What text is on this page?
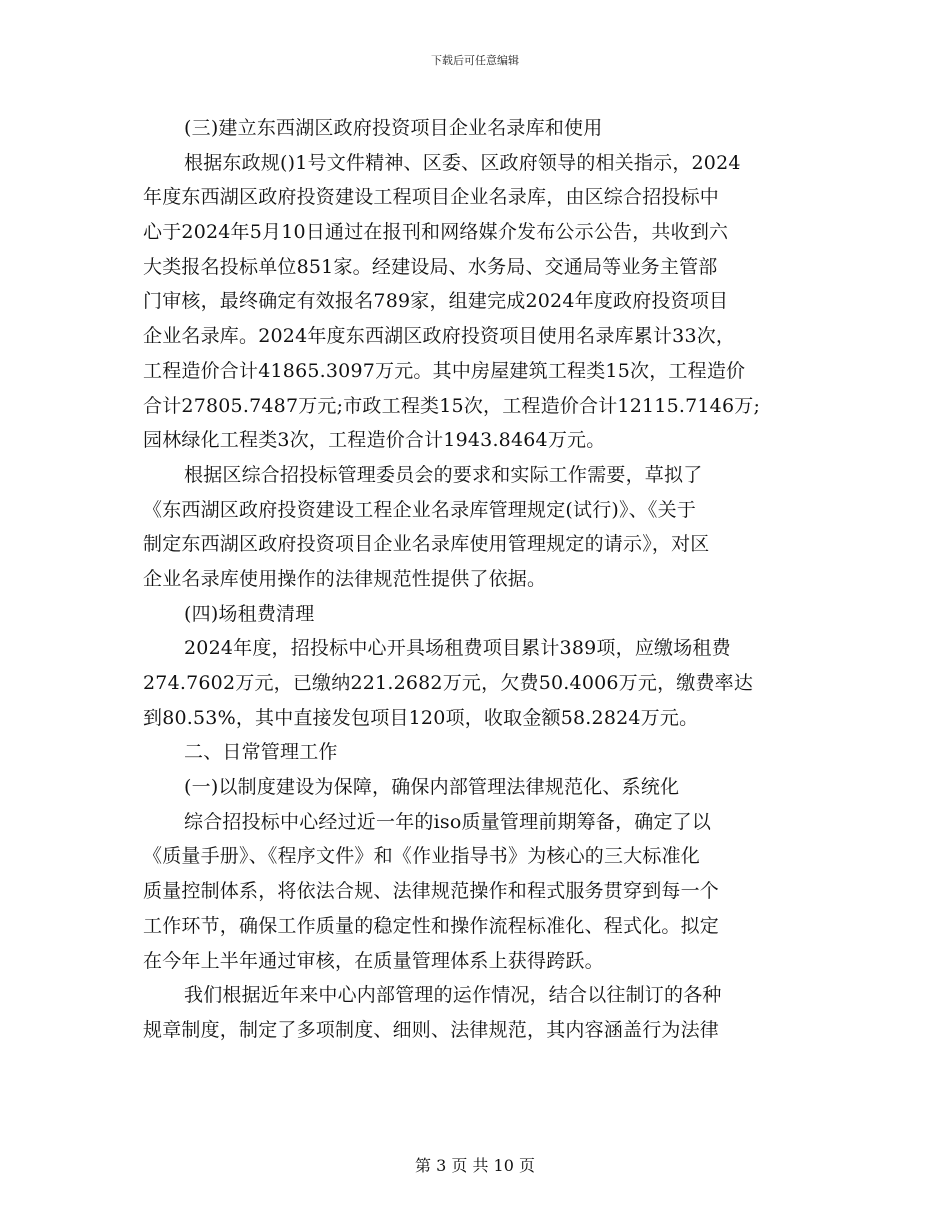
下载后可任意编辑
(三)建立东西湖区政府投资项目企业名录库和使用
根据东政规()1号文件精神、区委、区政府领导的相关指示，2024
年度东西湖区政府投资建设工程项目企业名录库，由区综合招投标中
心于2024年5月10日通过在报刊和网络媒介发布公示公告，共收到六
大类报名投标单位851家。经建设局、水务局、交通局等业务主管部
门审核，最终确定有效报名789家，组建完成2024年度政府投资项目
企业名录库。2024年度东西湖区政府投资项目使用名录库累计33次，
工程造价合计41865.3097万元。其中房屋建筑工程类15次，工程造价
合计27805.7487万元;市政工程类15次，工程造价合计12115.7146万;
园林绿化工程类3次，工程造价合计1943.8464万元。
根据区综合招投标管理委员会的要求和实际工作需要，草拟了
《东西湖区政府投资建设工程企业名录库管理规定(试行)》、《关于
制定东西湖区政府投资项目企业名录库使用管理规定的请示》，对区
企业名录库使用操作的法律规范性提供了依据。
(四)场租费清理
2024年度，招投标中心开具场租费项目累计389项，应缴场租费
274.7602万元，已缴纳221.2682万元，欠费50.4006万元，缴费率达
到80.53%，其中直接发包项目120项，收取金额58.2824万元。
二、日常管理工作
(一)以制度建设为保障，确保内部管理法律规范化、系统化
综合招投标中心经过近一年的iso质量管理前期筹备，确定了以
《质量手册》、《程序文件》和《作业指导书》为核心的三大标准化
质量控制体系，将依法合规、法律规范操作和程式服务贯穿到每一个
工作环节，确保工作质量的稳定性和操作流程标准化、程式化。拟定
在今年上半年通过审核，在质量管理体系上获得跨跃。
我们根据近年来中心内部管理的运作情况，结合以往制订的各种
规章制度，制定了多项制度、细则、法律规范，其内容涵盖行为法律
第 3 页 共 10 页
